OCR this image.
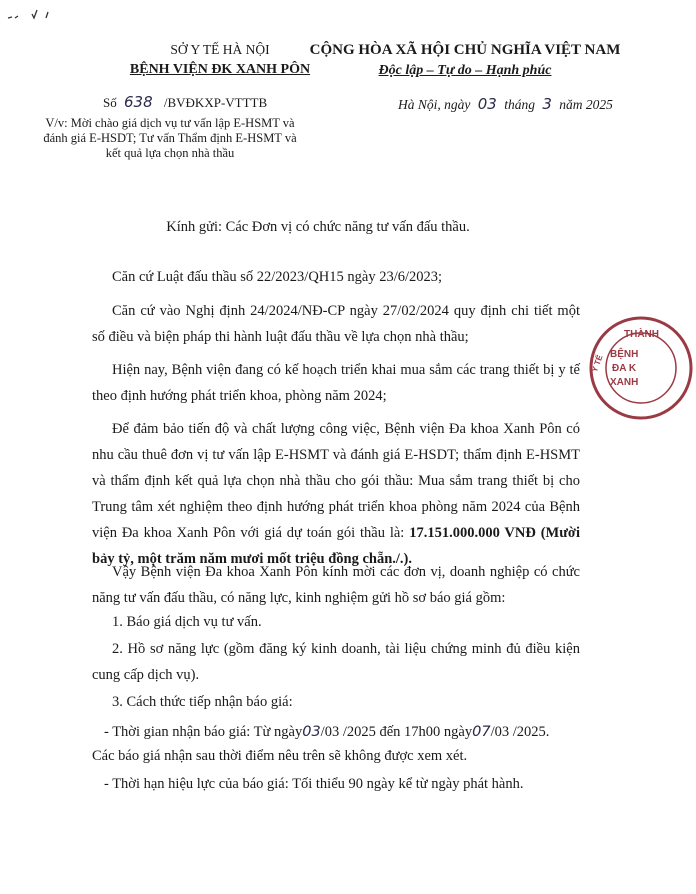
SỞ Y TẾ HÀ NỘI
BỆNH VIỆN ĐK XANH PÔN
CỘNG HÒA XÃ HỘI CHỦ NGHĨA VIỆT NAM
Độc lập – Tự do – Hạnh phúc
Số 638 /BVĐKXP-VTTTB
V/v: Mời chào giá dịch vụ tư vấn lập E-HSMT và đánh giá E-HSDT; Tư vấn Thẩm định E-HSMT và kết quả lựa chọn nhà thầu
Hà Nội, ngày 03 tháng 3 năm 2025
Kính gửi: Các Đơn vị có chức năng tư vấn đấu thầu.
Căn cứ Luật đấu thầu số 22/2023/QH15 ngày 23/6/2023;
Căn cứ vào Nghị định 24/2024/NĐ-CP ngày 27/02/2024 quy định chi tiết một số điều và biện pháp thi hành luật đấu thầu về lựa chọn nhà thầu;
Hiện nay, Bệnh viện đang có kế hoạch triển khai mua sắm các trang thiết bị y tế theo định hướng phát triển khoa, phòng năm 2024;
Để đảm bảo tiến độ và chất lượng công việc, Bệnh viện Đa khoa Xanh Pôn có nhu cầu thuê đơn vị tư vấn lập E-HSMT và đánh giá E-HSDT; thẩm định E-HSMT và thẩm định kết quả lựa chọn nhà thầu cho gói thầu: Mua sắm trang thiết bị cho Trung tâm xét nghiệm theo định hướng phát triển khoa phòng năm 2024 của Bệnh viện Đa khoa Xanh Pôn với giá dự toán gói thầu là: 17.151.000.000 VNĐ (Mười bảy tỷ, một trăm năm mươi mốt triệu đồng chẵn./.).
Vậy Bệnh viện Đa khoa Xanh Pôn kính mời các đơn vị, doanh nghiệp có chức năng tư vấn đấu thầu, có năng lực, kinh nghiệm gửi hồ sơ báo giá gồm:
1. Báo giá dịch vụ tư vấn.
2. Hồ sơ năng lực (gồm đăng ký kinh doanh, tài liệu chứng minh đủ điều kiện cung cấp dịch vụ).
3. Cách thức tiếp nhận báo giá:
- Thời gian nhận báo giá: Từ ngày03/03 /2025 đến 17h00 ngày07/03 /2025.
Các báo giá nhận sau thời điểm nêu trên sẽ không được xem xét.
- Thời hạn hiệu lực của báo giá: Tối thiểu 90 ngày kể từ ngày phát hành.
THÀNH
Y TẾ BỆNH
ĐA K
XANH
